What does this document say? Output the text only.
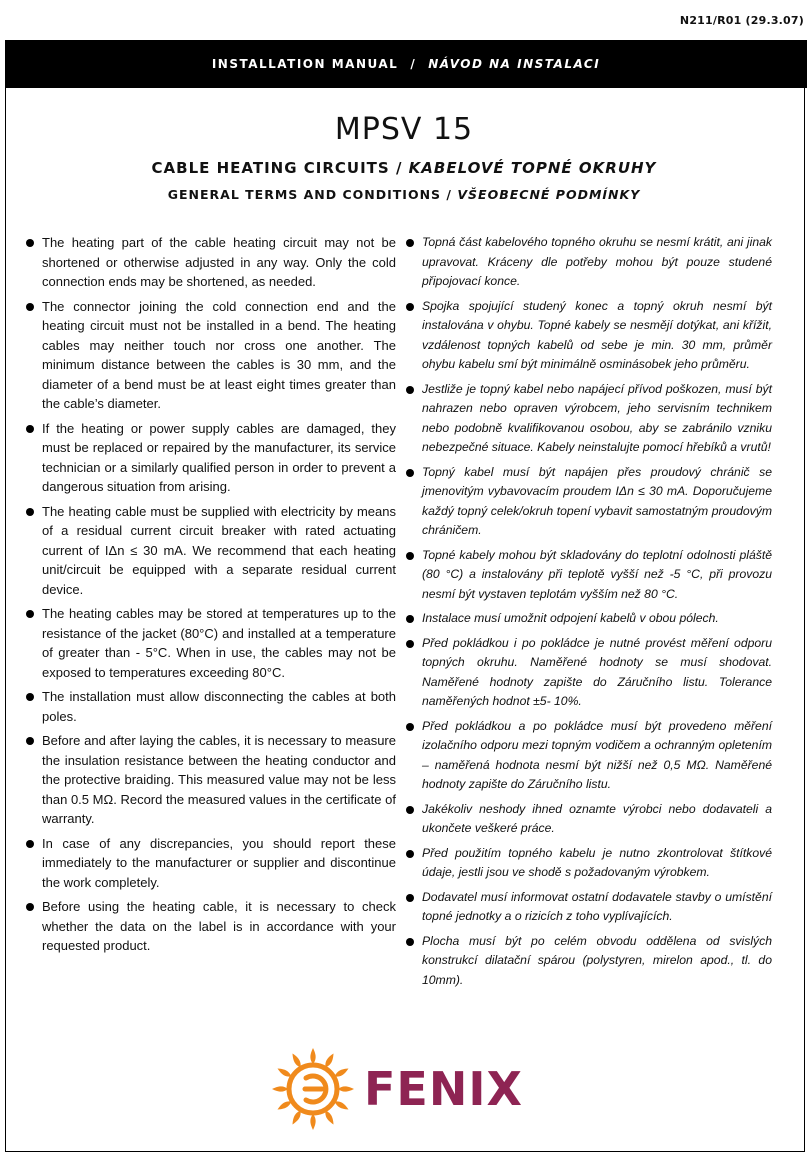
N211/R01 (29.3.07)
INSTALLATION MANUAL / NÁVOD NA INSTALACI
MPSV 15
CABLE HEATING CIRCUITS / KABELOVÉ TOPNÉ OKRUHY
GENERAL TERMS AND CONDITIONS / VŠEOBECNÉ PODMÍNKY
The heating part of the cable heating circuit may not be shortened or otherwise adjusted in any way. Only the cold connection ends may be shortened, as needed.
The connector joining the cold connection end and the heating circuit must not be installed in a bend. The heating cables may neither touch nor cross one another. The minimum distance between the cables is 30 mm, and the diameter of a bend must be at least eight times greater than the cable’s diameter.
If the heating or power supply cables are damaged, they must be replaced or repaired by the manufacturer, its service technician or a similarly qualified person in order to prevent a dangerous situation from arising.
The heating cable must be supplied with electricity by means of a residual current circuit breaker with rated actuating current of IΔn ≤ 30 mA. We recommend that each heating unit/circuit be equipped with a separate residual current device.
The heating cables may be stored at temperatures up to the resistance of the jacket (80°C) and installed at a temperature of greater than - 5°C. When in use, the cables may not be exposed to temperatures exceeding 80°C.
The installation must allow disconnecting the cables at both poles.
Before and after laying the cables, it is necessary to measure the insulation resistance between the heating conductor and the protective braiding. This measured value may not be less than 0.5 MΩ. Record the measured values in the certificate of warranty.
In case of any discrepancies, you should report these immediately to the manufacturer or supplier and discontinue the work completely.
Before using the heating cable, it is necessary to check whether the data on the label is in accordance with your requested product.
Topná část kabelového topného okruhu se nesmí krátit, ani jinak upravovat. Kráceny dle potřeby mohou být pouze studené připojovací konce.
Spojka spojující studený konec a topný okruh nesmí být instalována v ohybu. Topné kabely se nesmějí dotýkat, ani křížit, vzdálenost topných kabelů od sebe je min. 30 mm, průměr ohybu kabelu smí být minimálně osminásobek jeho průměru.
Jestliže je topný kabel nebo napájecí přívod poškozen, musí být nahrazen nebo opraven výrobcem, jeho servisním technikem nebo podobně kvalifikovanou osobou, aby se zabránilo vzniku nebezpečné situace. Kabely neinstalujte pomocí hřebíků a vrutů!
Topný kabel musí být napájen přes proudový chránič se jmenovitým vybavovacím proudem IΔn ≤ 30 mA. Doporučujeme každý topný celek/okruh topení vybavit samostatným proudovým chráničem.
Topné kabely mohou být skladovány do teplotní odolnosti pláště (80 °C) a instalovány při teplotě vyšší než -5 °C, při provozu nesmí být vystaven teplotám vyšším než 80 °C.
Instalace musí umožnit odpojení kabelů v obou pólech.
Před pokládkou i po pokládce je nutné provést měření odporu topných okruhu. Naměřené hodnoty se musí shodovat. Naměřené hodnoty zapište do Záručního listu. Tolerance naměřených hodnot ±5- 10%.
Před pokládkou a po pokládce musí být provedeno měření izolačního odporu mezi topným vodičem a ochranným opletením – naměřená hodnota nesmí být nižší než 0,5 MΩ. Naměřené hodnoty zapište do Záručního listu.
Jakékoliv neshody ihned oznamte výrobci nebo dodavateli a ukončete veškeré práce.
Před použitím topného kabelu je nutno zkontrolovat štítkové údaje, jestli jsou ve shodě s požadovaným výrobkem.
Dodavatel musí informovat ostatní dodavatele stavby o umístění topné jednotky a o rizicích z toho vyplívajících.
Plocha musí být po celém obvodu oddělena od svislých konstrukcí dilatační spárou (polystyren, mirelon apod., tl. do 10mm).
FENIX
